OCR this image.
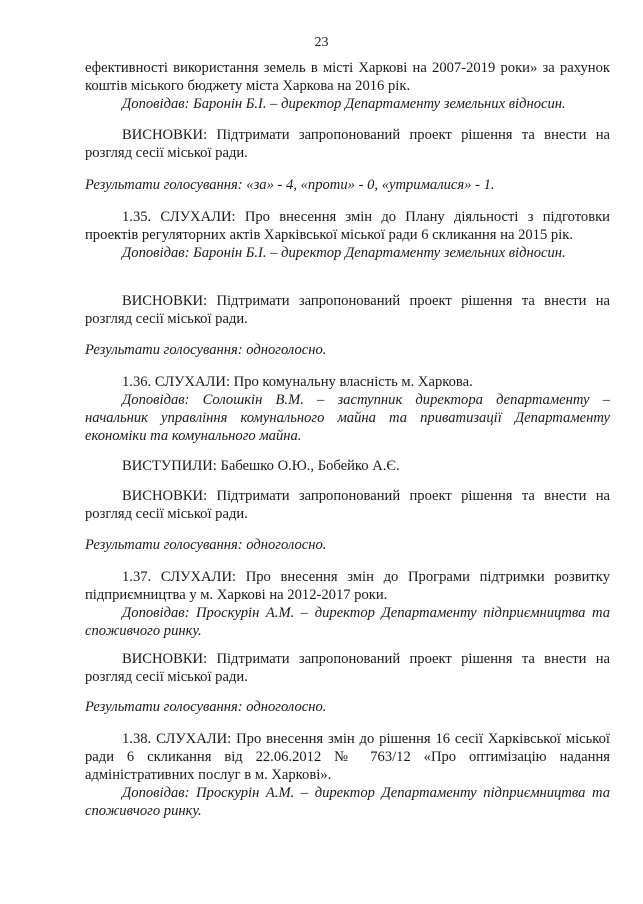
23

ефективності використання земель в місті Харкові на 2007-2019 роки» за рахунок коштів міського бюджету міста Харкова на 2016 рік.

Доповідав: Баронін Б.І. – директор Департаменту земельних відносин.

ВИСНОВКИ: Підтримати запропонований проект рішення та внести на розгляд сесії міської ради.

Результати голосування: «за» - 4, «проти» - 0, «утрималися» - 1.

1.35. СЛУХАЛИ: Про внесення змін до Плану діяльності з підготовки проектів регуляторних актів Харківської міської ради 6 скликання на 2015 рік.

Доповідав: Баронін Б.І. – директор Департаменту земельних відносин.

ВИСНОВКИ: Підтримати запропонований проект рішення та внести на розгляд сесії міської ради.

Результати голосування: одноголосно.

1.36. СЛУХАЛИ: Про комунальну власність м. Харкова.

Доповідав: Солошкін В.М. – заступник директора департаменту – начальник управління комунального майна та приватизації Департаменту економіки та комунального майна.

ВИСТУПИЛИ: Бабешко О.Ю., Бобейко А.Є.

ВИСНОВКИ: Підтримати запропонований проект рішення та внести на розгляд сесії міської ради.

Результати голосування: одноголосно.

1.37. СЛУХАЛИ: Про внесення змін до Програми підтримки розвитку підприємництва у м. Харкові на 2012-2017 роки.

Доповідав: Проскурін А.М. – директор Департаменту підприємництва та споживчого ринку.

ВИСНОВКИ: Підтримати запропонований проект рішення та внести на розгляд сесії міської ради.

Результати голосування: одноголосно.

1.38. СЛУХАЛИ: Про внесення змін до рішення 16 сесії Харківської міської ради 6 скликання від 22.06.2012 № 763/12 «Про оптимізацію надання адміністративних послуг в м. Харкові».

Доповідав: Проскурін А.М. – директор Департаменту підприємництва та споживчого ринку.
